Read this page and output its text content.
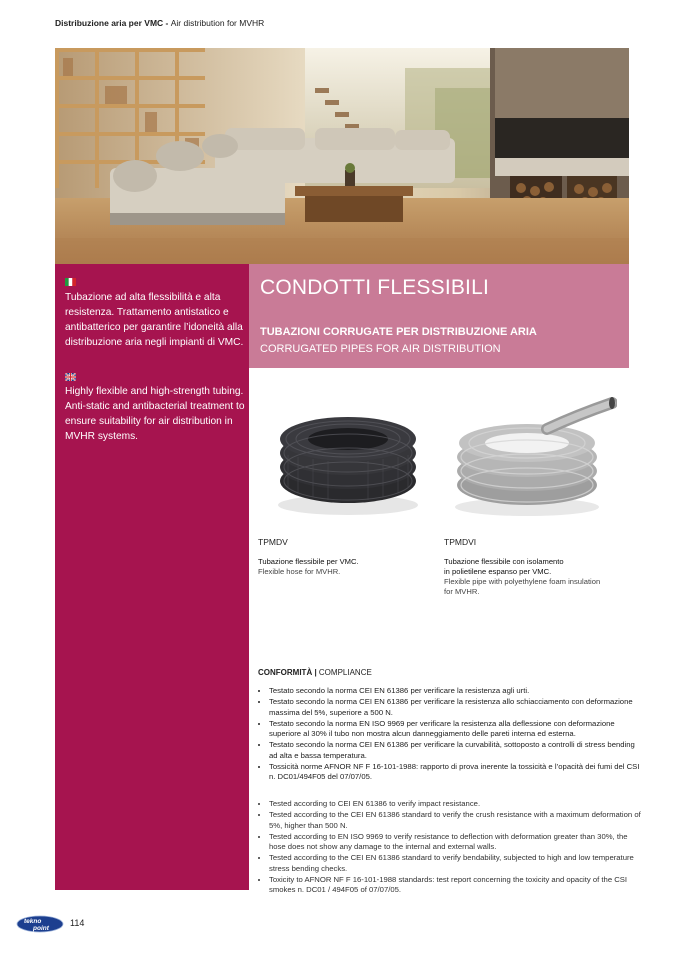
Distribuzione aria per VMC - Air distribution for MVHR
Tubazione ad alta flessibilità e alta resistenza. Trattamento antistatico e antibatterico per garantire l’idoneità alla distribuzione aria negli impianti di VMC.
Highly flexible and high-strength tubing. Anti-static and antibacterial treatment to ensure suitability for air distribution in MVHR systems.
CONDOTTI FLESSIBILI
TUBAZIONI CORRUGATE PER DISTRIBUZIONE ARIA
CORRUGATED PIPES FOR AIR DISTRIBUTION
TPMDV
Tubazione flessibile per VMC.
Flexible hose for MVHR.
TPMDVI
Tubazione flessibile con isolamento
in polietilene espanso per VMC.
Flexible pipe with polyethylene foam insulation
for MVHR.
CONFORMITÀ | COMPLIANCE
• Testato secondo la norma CEI EN 61386 per verificare la resistenza agli urti.
• Testato secondo la norma CEI EN 61386 per verificare la resistenza allo schiacciamento con deformazione massima del 5%, superiore a 500 N.
• Testato secondo la norma EN ISO 9969 per verificare la resistenza alla deflessione con deformazione superiore al 30% il tubo non mostra alcun danneggiamento delle pareti interna ed esterna.
• Testato secondo la norma CEI EN 61386 per verificare la curvabilità, sottoposto a controlli di stress bending ad alta e bassa temperatura.
• Tossicità norme AFNOR NF F 16-101-1988: rapporto di prova inerente la tossicità e l’opacità dei fumi del CSI n. DC01/494F05 del 07/07/05.
• Tested according to CEI EN 61386 to verify impact resistance.
• Tested according to the CEI EN 61386 standard to verify the crush resistance with a maximum deformation of 5%, higher than 500 N.
• Tested according to EN ISO 9969 to verify resistance to deflection with deformation greater than 30%, the hose does not show any damage to the internal and external walls.
• Tested according to the CEI EN 61386 standard to verify bendability, subjected to high and low temperature stress bending checks.
• Toxicity to AFNOR NF F 16-101-1988 standards: test report concerning the toxicity and opacity of the CSI smokes n. DC01 / 494F05 of 07/07/05.
tekno
point
114
